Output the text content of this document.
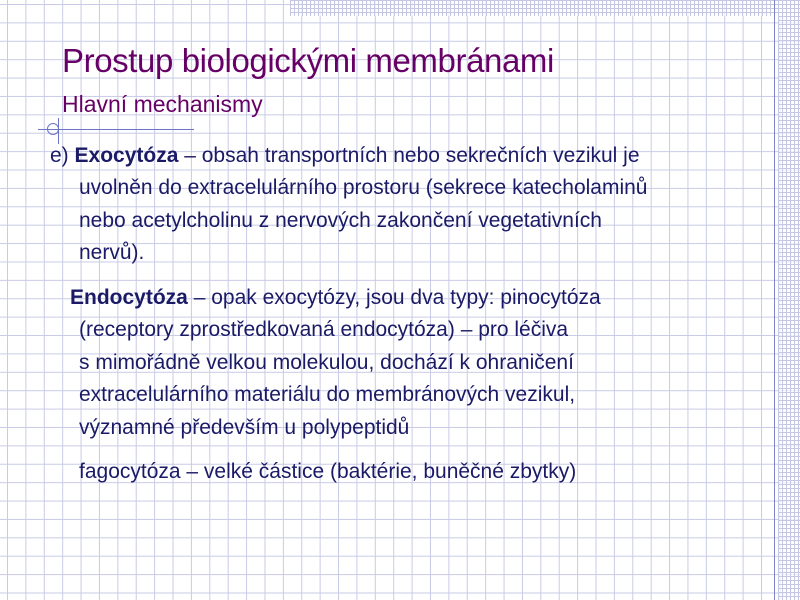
Prostup biologickými membránami
Hlavní mechanismy
e) Exocytóza – obsah transportních nebo sekrečních vezikul je
uvolněn do extracelulárního prostoru (sekrece katecholaminů
nebo acetylcholinu z nervových zakončení vegetativních
nervů).
Endocytóza – opak exocytózy, jsou dva typy: pinocytóza
(receptory zprostředkovaná endocytóza) – pro léčiva
s mimořádně velkou molekulou, dochází k ohraničení
extracelulárního materiálu do membránových vezikul,
významné především u polypeptidů
fagocytóza – velké částice (baktérie, buněčné zbytky)
